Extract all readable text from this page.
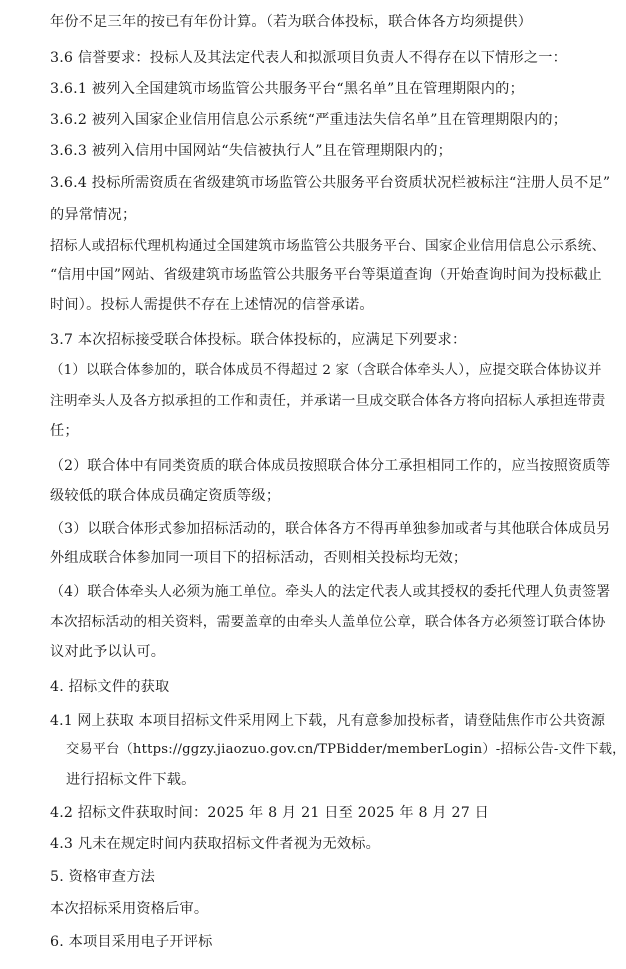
年份不足三年的按已有年份计算。（若为联合体投标，联合体各方均须提供）
3.6 信誉要求：投标人及其法定代表人和拟派项目负责人不得存在以下情形之一：
3.6.1 被列入全国建筑市场监管公共服务平台“黑名单”且在管理期限内的；
3.6.2 被列入国家企业信用信息公示系统“严重违法失信名单”且在管理期限内的；
3.6.3 被列入信用中国网站“失信被执行人”且在管理期限内的；
3.6.4 投标所需资质在省级建筑市场监管公共服务平台资质状况栏被标注“注册人员不足”
的异常情况；
招标人或招标代理机构通过全国建筑市场监管公共服务平台、国家企业信用信息公示系统、
“信用中国”网站、省级建筑市场监管公共服务平台等渠道查询（开始查询时间为投标截止
时间）。投标人需提供不存在上述情况的信誉承诺。
3.7 本次招标接受联合体投标。联合体投标的，应满足下列要求：
（1）以联合体参加的，联合体成员不得超过 2 家（含联合体牵头人），应提交联合体协议并
注明牵头人及各方拟承担的工作和责任，并承诺一旦成交联合体各方将向招标人承担连带责
任；
（2）联合体中有同类资质的联合体成员按照联合体分工承担相同工作的，应当按照资质等
级较低的联合体成员确定资质等级；
（3）以联合体形式参加招标活动的，联合体各方不得再单独参加或者与其他联合体成员另
外组成联合体参加同一项目下的招标活动，否则相关投标均无效；
（4）联合体牵头人必须为施工单位。牵头人的法定代表人或其授权的委托代理人负责签署
本次招标活动的相关资料，需要盖章的由牵头人盖单位公章，联合体各方必须签订联合体协
议对此予以认可。
4. 招标文件的获取
4.1 网上获取 本项目招标文件采用网上下载，凡有意参加投标者，请登陆焦作市公共资源
交易平台（https://ggzy.jiaozuo.gov.cn/TPBidder/memberLogin）-招标公告-文件下载，
进行招标文件下载。
4.2 招标文件获取时间：2025 年 8 月 21 日至 2025 年 8 月 27 日
4.3 凡未在规定时间内获取招标文件者视为无效标。
5. 资格审查方法
本次招标采用资格后审。
6. 本项目采用电子开评标
